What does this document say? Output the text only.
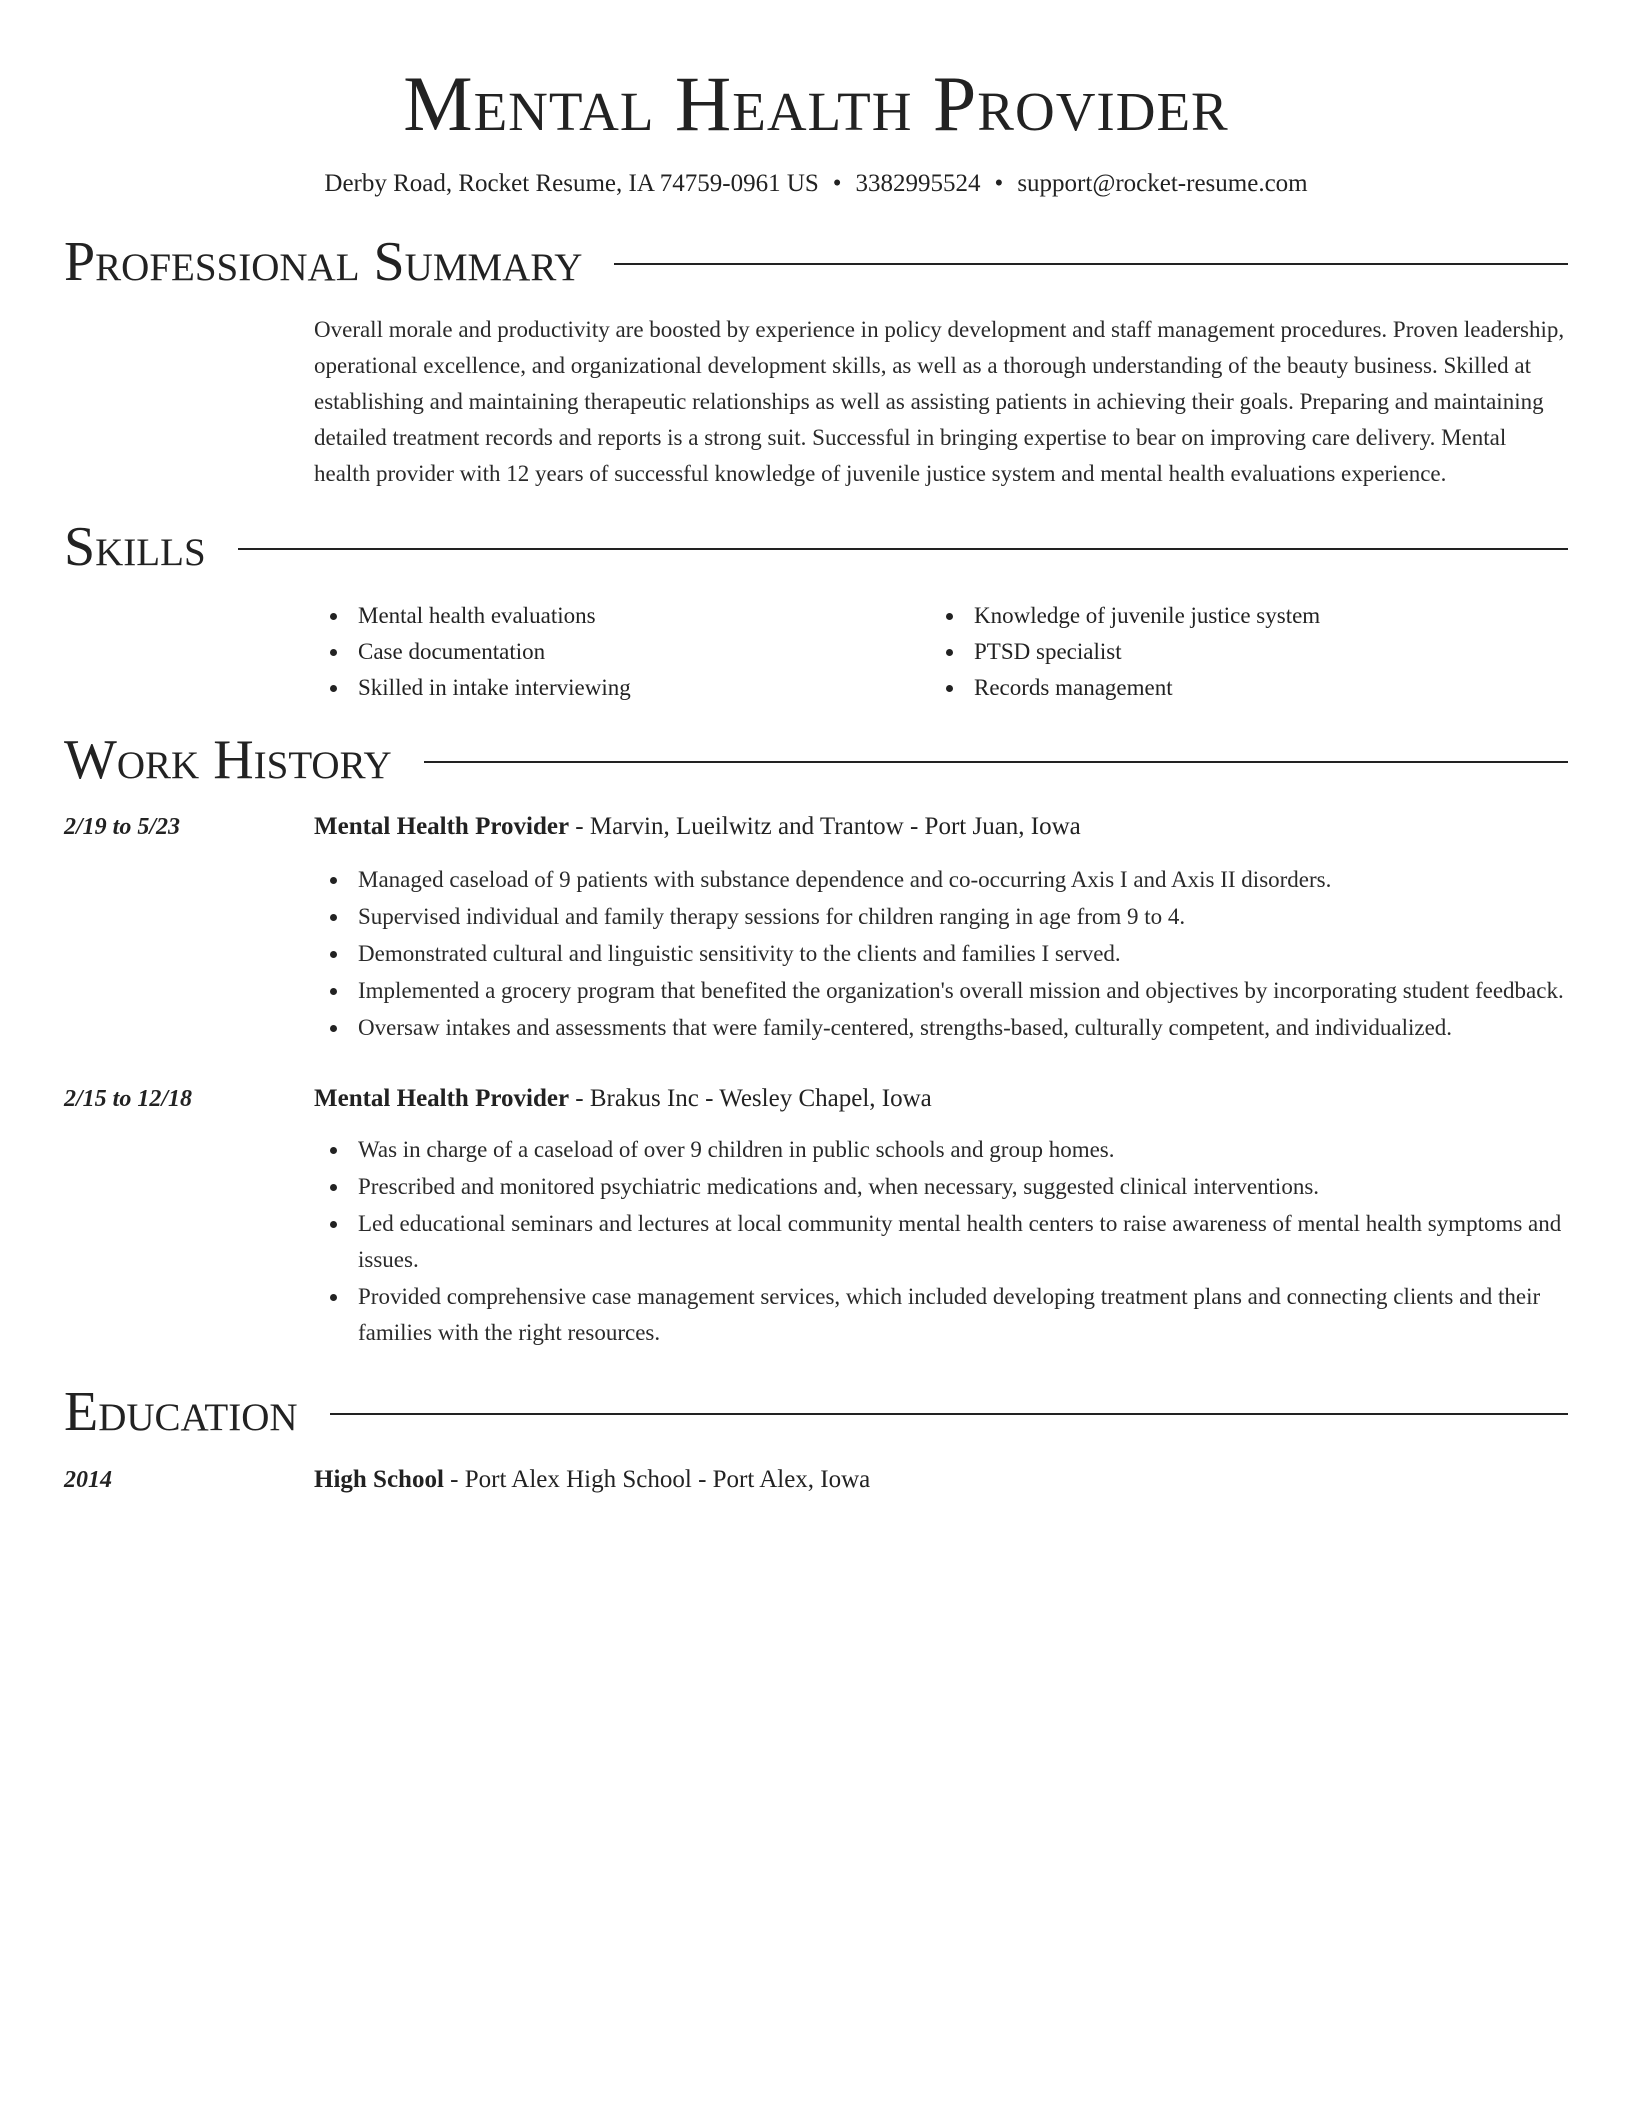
Mental Health Provider
Derby Road, Rocket Resume, IA 74759-0961 US • 3382995524 • support@rocket-resume.com
Professional Summary

Overall morale and productivity are boosted by experience in policy development and staff management procedures. Proven leadership, operational excellence, and organizational development skills, as well as a thorough understanding of the beauty business. Skilled at establishing and maintaining therapeutic relationships as well as assisting patients in achieving their goals. Preparing and maintaining detailed treatment records and reports is a strong suit. Successful in bringing expertise to bear on improving care delivery. Mental health provider with 12 years of successful knowledge of juvenile justice system and mental health evaluations experience.

Skills
Mental health evaluations
Case documentation
Skilled in intake interviewing
Knowledge of juvenile justice system
PTSD specialist
Records management
Work History
2/19 to 5/23	Mental Health Provider - Marvin, Lueilwitz and Trantow - Port Juan, Iowa
Managed caseload of 9 patients with substance dependence and co-occurring Axis I and Axis II disorders.
Supervised individual and family therapy sessions for children ranging in age from 9 to 4.
Demonstrated cultural and linguistic sensitivity to the clients and families I served.
Implemented a grocery program that benefited the organization's overall mission and objectives by incorporating student feedback.
Oversaw intakes and assessments that were family-centered, strengths-based, culturally competent, and individualized.
2/15 to 12/18	Mental Health Provider - Brakus Inc - Wesley Chapel, Iowa
Was in charge of a caseload of over 9 children in public schools and group homes.
Prescribed and monitored psychiatric medications and, when necessary, suggested clinical interventions.
Led educational seminars and lectures at local community mental health centers to raise awareness of mental health symptoms and issues.
Provided comprehensive case management services, which included developing treatment plans and connecting clients and their families with the right resources.
Education
2014	High School - Port Alex High School - Port Alex, Iowa
